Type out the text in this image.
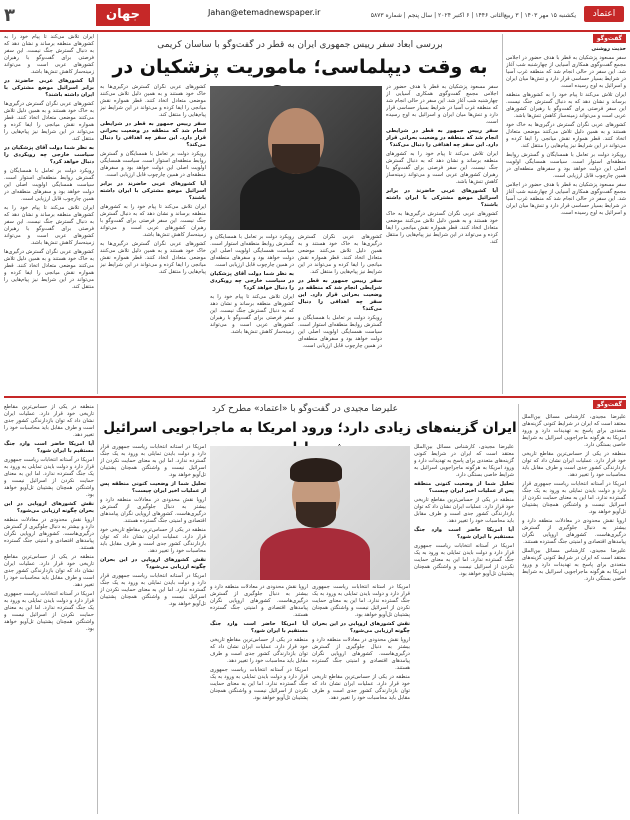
۳	جهان	Jahan@etemadnewspaper.ir	یکشنبه ۱۵ مهر ۱۴۰۳ | ۳ ربیع‌الثانی ۱۴۴۶ | ۶ اکتبر ۲۰۲۴ | سال پنجم | شماره ۵۸۷۳	اعتماد
گفت‌وگو
بررسی ابعاد سفر رییس جمهوری ایران به قطر در گفت‌وگو با ساسان کریمی
به وقت دیپلماسی؛ ماموریت پزشکیان در

ایران تلاش می‌کند تا پیام خود را به کشورهای منطقه برساند و نشان دهد که به دنبال گسترش جنگ نیست. این سفر فرصتی برای گفت‌وگو با رهبران کشورهای عربی است و می‌تواند زمینه‌ساز کاهش تنش‌ها باشد.

آیا کشورهای عربی حاضرند در برابر اسرائیل موضع مشترکی با ایران داشته باشند؟

کشورهای عربی نگران گسترش درگیری‌ها به خاک خود هستند و به همین دلیل تلاش می‌کنند موضعی متعادل اتخاذ کنند. قطر همواره نقش میانجی را ایفا کرده و می‌تواند در این شرایط نیز پیام‌هایی را منتقل کند.

به نظر شما دولت آقای پزشکیان در سیاست خارجی چه رویکردی را دنبال خواهد کرد؟

رویکرد دولت بر تعامل با همسایگان و گسترش روابط منطقه‌ای استوار است. سیاست همسایگی اولویت اصلی این دولت خواهد بود و سفرهای منطقه‌ای در همین چارچوب قابل ارزیابی است.

ایران تلاش می‌کند تا پیام خود را به کشورهای منطقه برساند و نشان دهد که به دنبال گسترش جنگ نیست. این سفر فرصتی برای گفت‌وگو با رهبران کشورهای عربی است و می‌تواند زمینه‌ساز کاهش تنش‌ها باشد.

کشورهای عربی نگران گسترش درگیری‌ها به خاک خود هستند و به همین دلیل تلاش می‌کنند موضعی متعادل اتخاذ کنند. قطر همواره نقش میانجی را ایفا کرده و می‌تواند در این شرایط نیز پیام‌هایی را منتقل کند.

کشورهای عربی نگران گسترش درگیری‌ها به خاک خود هستند و به همین دلیل تلاش می‌کنند موضعی متعادل اتخاذ کنند. قطر همواره نقش میانجی را ایفا کرده و می‌تواند در این شرایط نیز پیام‌هایی را منتقل کند.

سفر رییس جمهور به قطر در شرایطی انجام شد که منطقه در وضعیت بحرانی قرار دارد. این سفر چه اهدافی را دنبال می‌کند؟

رویکرد دولت بر تعامل با همسایگان و گسترش روابط منطقه‌ای استوار است. سیاست همسایگی اولویت اصلی این دولت خواهد بود و سفرهای منطقه‌ای در همین چارچوب قابل ارزیابی است.

آیا کشورهای عربی حاضرند در برابر اسرائیل موضع مشترکی با ایران داشته باشند؟

ایران تلاش می‌کند تا پیام خود را به کشورهای منطقه برساند و نشان دهد که به دنبال گسترش جنگ نیست. این سفر فرصتی برای گفت‌وگو با رهبران کشورهای عربی است و می‌تواند زمینه‌ساز کاهش تنش‌ها باشد.

کشورهای عربی نگران گسترش درگیری‌ها به خاک خود هستند و به همین دلیل تلاش می‌کنند موضعی متعادل اتخاذ کنند. قطر همواره نقش میانجی را ایفا کرده و می‌تواند در این شرایط نیز پیام‌هایی را منتقل کند.

رویکرد دولت بر تعامل با همسایگان و گسترش روابط منطقه‌ای استوار است. سیاست همسایگی اولویت اصلی این دولت خواهد بود و سفرهای منطقه‌ای در همین چارچوب قابل ارزیابی است.

به نظر شما دولت آقای پزشکیان در سیاست خارجی چه رویکردی را دنبال خواهد کرد؟

ایران تلاش می‌کند تا پیام خود را به کشورهای منطقه برساند و نشان دهد که به دنبال گسترش جنگ نیست. این سفر فرصتی برای گفت‌وگو با رهبران کشورهای عربی است و می‌تواند زمینه‌ساز کاهش تنش‌ها باشد.

کشورهای عربی نگران گسترش درگیری‌ها به خاک خود هستند و به همین دلیل تلاش می‌کنند موضعی متعادل اتخاذ کنند. قطر همواره نقش میانجی را ایفا کرده و می‌تواند در این شرایط نیز پیام‌هایی را منتقل کند.

سفر رییس جمهور به قطر در شرایطی انجام شد که منطقه در وضعیت بحرانی قرار دارد. این سفر چه اهدافی را دنبال می‌کند؟

رویکرد دولت بر تعامل با همسایگان و گسترش روابط منطقه‌ای استوار است. سیاست همسایگی اولویت اصلی این دولت خواهد بود و سفرهای منطقه‌ای در همین چارچوب قابل ارزیابی است.

سفر مسعود پزشکیان به قطر با هدف حضور در اجلاس مجمع گفت‌وگوی همکاری آسیایی از چهارشنبه شب آغاز شد. این سفر در حالی انجام شد که منطقه غرب آسیا در شرایط بسیار حساسی قرار دارد و تنش‌ها میان ایران و اسرائیل به اوج رسیده است.

سفر رییس جمهور به قطر در شرایطی انجام شد که منطقه در وضعیت بحرانی قرار دارد. این سفر چه اهدافی را دنبال می‌کند؟

ایران تلاش می‌کند تا پیام خود را به کشورهای منطقه برساند و نشان دهد که به دنبال گسترش جنگ نیست. این سفر فرصتی برای گفت‌وگو با رهبران کشورهای عربی است و می‌تواند زمینه‌ساز کاهش تنش‌ها باشد.

آیا کشورهای عربی حاضرند در برابر اسرائیل موضع مشترکی با ایران داشته باشند؟

کشورهای عربی نگران گسترش درگیری‌ها به خاک خود هستند و به همین دلیل تلاش می‌کنند موضعی متعادل اتخاذ کنند. قطر همواره نقش میانجی را ایفا کرده و می‌تواند در این شرایط نیز پیام‌هایی را منتقل کند.

حدیث روشنی

سفر مسعود پزشکیان به قطر با هدف حضور در اجلاس مجمع گفت‌وگوی همکاری آسیایی از چهارشنبه شب آغاز شد. این سفر در حالی انجام شد که منطقه غرب آسیا در شرایط بسیار حساسی قرار دارد و تنش‌ها میان ایران و اسرائیل به اوج رسیده است.

ایران تلاش می‌کند تا پیام خود را به کشورهای منطقه برساند و نشان دهد که به دنبال گسترش جنگ نیست. این سفر فرصتی برای گفت‌وگو با رهبران کشورهای عربی است و می‌تواند زمینه‌ساز کاهش تنش‌ها باشد.

کشورهای عربی نگران گسترش درگیری‌ها به خاک خود هستند و به همین دلیل تلاش می‌کنند موضعی متعادل اتخاذ کنند. قطر همواره نقش میانجی را ایفا کرده و می‌تواند در این شرایط نیز پیام‌هایی را منتقل کند.

رویکرد دولت بر تعامل با همسایگان و گسترش روابط منطقه‌ای استوار است. سیاست همسایگی اولویت اصلی این دولت خواهد بود و سفرهای منطقه‌ای در همین چارچوب قابل ارزیابی است.

سفر مسعود پزشکیان به قطر با هدف حضور در اجلاس مجمع گفت‌وگوی همکاری آسیایی از چهارشنبه شب آغاز شد. این سفر در حالی انجام شد که منطقه غرب آسیا در شرایط بسیار حساسی قرار دارد و تنش‌ها میان ایران و اسرائیل به اوج رسیده است.

گفت‌وگو
علیرضا مجیدی در گفت‌وگو با «اعتماد» مطرح کرد
ایران گزینه‌های زیادی دارد؛ ورود امریکا به ماجراجویی اسرائیل

منطقه در یکی از حساس‌ترین مقاطع تاریخی خود قرار دارد. عملیات ایران نشان داد که توان بازدارندگی کشور جدی است و طرف مقابل باید محاسبات خود را تغییر دهد.

آیا امریکا حاضر است وارد جنگ مستقیم با ایران شود؟

امریکا در آستانه انتخابات ریاست جمهوری قرار دارد و دولت بایدن تمایلی به ورود به یک جنگ گسترده ندارد. اما این به معنای حمایت نکردن از اسرائیل نیست و واشنگتن همچنان پشتیبان تل‌آویو خواهد بود.

نقش کشورهای اروپایی در این بحران چگونه ارزیابی می‌شود؟

اروپا نقش محدودی در معادلات منطقه دارد و بیشتر به دنبال جلوگیری از گسترش درگیری‌هاست. کشورهای اروپایی نگران پیامدهای اقتصادی و امنیتی جنگ گسترده هستند.

منطقه در یکی از حساس‌ترین مقاطع تاریخی خود قرار دارد. عملیات ایران نشان داد که توان بازدارندگی کشور جدی است و طرف مقابل باید محاسبات خود را تغییر دهد.

امریکا در آستانه انتخابات ریاست جمهوری قرار دارد و دولت بایدن تمایلی به ورود به یک جنگ گسترده ندارد. اما این به معنای حمایت نکردن از اسرائیل نیست و واشنگتن همچنان پشتیبان تل‌آویو خواهد بود.

امریکا در آستانه انتخابات ریاست جمهوری قرار دارد و دولت بایدن تمایلی به ورود به یک جنگ گسترده ندارد. اما این به معنای حمایت نکردن از اسرائیل نیست و واشنگتن همچنان پشتیبان تل‌آویو خواهد بود.

تحلیل شما از وضعیت کنونی منطقه پس از عملیات اخیر ایران چیست؟

اروپا نقش محدودی در معادلات منطقه دارد و بیشتر به دنبال جلوگیری از گسترش درگیری‌هاست. کشورهای اروپایی نگران پیامدهای اقتصادی و امنیتی جنگ گسترده هستند.

منطقه در یکی از حساس‌ترین مقاطع تاریخی خود قرار دارد. عملیات ایران نشان داد که توان بازدارندگی کشور جدی است و طرف مقابل باید محاسبات خود را تغییر دهد.

نقش کشورهای اروپایی در این بحران چگونه ارزیابی می‌شود؟

امریکا در آستانه انتخابات ریاست جمهوری قرار دارد و دولت بایدن تمایلی به ورود به یک جنگ گسترده ندارد. اما این به معنای حمایت نکردن از اسرائیل نیست و واشنگتن همچنان پشتیبان تل‌آویو خواهد بود.

اروپا نقش محدودی در معادلات منطقه دارد و بیشتر به دنبال جلوگیری از گسترش درگیری‌هاست. کشورهای اروپایی نگران پیامدهای اقتصادی و امنیتی جنگ گسترده هستند.

آیا امریکا حاضر است وارد جنگ مستقیم با ایران شود؟

منطقه در یکی از حساس‌ترین مقاطع تاریخی خود قرار دارد. عملیات ایران نشان داد که توان بازدارندگی کشور جدی است و طرف مقابل باید محاسبات خود را تغییر دهد.

امریکا در آستانه انتخابات ریاست جمهوری قرار دارد و دولت بایدن تمایلی به ورود به یک جنگ گسترده ندارد. اما این به معنای حمایت نکردن از اسرائیل نیست و واشنگتن همچنان پشتیبان تل‌آویو خواهد بود.

امریکا در آستانه انتخابات ریاست جمهوری قرار دارد و دولت بایدن تمایلی به ورود به یک جنگ گسترده ندارد. اما این به معنای حمایت نکردن از اسرائیل نیست و واشنگتن همچنان پشتیبان تل‌آویو خواهد بود.

نقش کشورهای اروپایی در این بحران چگونه ارزیابی می‌شود؟

اروپا نقش محدودی در معادلات منطقه دارد و بیشتر به دنبال جلوگیری از گسترش درگیری‌هاست. کشورهای اروپایی نگران پیامدهای اقتصادی و امنیتی جنگ گسترده هستند.

منطقه در یکی از حساس‌ترین مقاطع تاریخی خود قرار دارد. عملیات ایران نشان داد که توان بازدارندگی کشور جدی است و طرف مقابل باید محاسبات خود را تغییر دهد.

علیرضا مجیدی، کارشناس مسائل بین‌الملل معتقد است که ایران در شرایط کنونی گزینه‌های متعددی برای پاسخ به تهدیدات دارد و ورود امریکا به هرگونه ماجراجویی اسرائیل به شرایط خاصی بستگی دارد.

تحلیل شما از وضعیت کنونی منطقه پس از عملیات اخیر ایران چیست؟

منطقه در یکی از حساس‌ترین مقاطع تاریخی خود قرار دارد. عملیات ایران نشان داد که توان بازدارندگی کشور جدی است و طرف مقابل باید محاسبات خود را تغییر دهد.

آیا امریکا حاضر است وارد جنگ مستقیم با ایران شود؟

امریکا در آستانه انتخابات ریاست جمهوری قرار دارد و دولت بایدن تمایلی به ورود به یک جنگ گسترده ندارد. اما این به معنای حمایت نکردن از اسرائیل نیست و واشنگتن همچنان پشتیبان تل‌آویو خواهد بود.

علیرضا مجیدی، کارشناس مسائل بین‌الملل معتقد است که ایران در شرایط کنونی گزینه‌های متعددی برای پاسخ به تهدیدات دارد و ورود امریکا به هرگونه ماجراجویی اسرائیل به شرایط خاصی بستگی دارد.

منطقه در یکی از حساس‌ترین مقاطع تاریخی خود قرار دارد. عملیات ایران نشان داد که توان بازدارندگی کشور جدی است و طرف مقابل باید محاسبات خود را تغییر دهد.

امریکا در آستانه انتخابات ریاست جمهوری قرار دارد و دولت بایدن تمایلی به ورود به یک جنگ گسترده ندارد. اما این به معنای حمایت نکردن از اسرائیل نیست و واشنگتن همچنان پشتیبان تل‌آویو خواهد بود.

اروپا نقش محدودی در معادلات منطقه دارد و بیشتر به دنبال جلوگیری از گسترش درگیری‌هاست. کشورهای اروپایی نگران پیامدهای اقتصادی و امنیتی جنگ گسترده هستند.

علیرضا مجیدی، کارشناس مسائل بین‌الملل معتقد است که ایران در شرایط کنونی گزینه‌های متعددی برای پاسخ به تهدیدات دارد و ورود امریکا به هرگونه ماجراجویی اسرائیل به شرایط خاصی بستگی دارد.
